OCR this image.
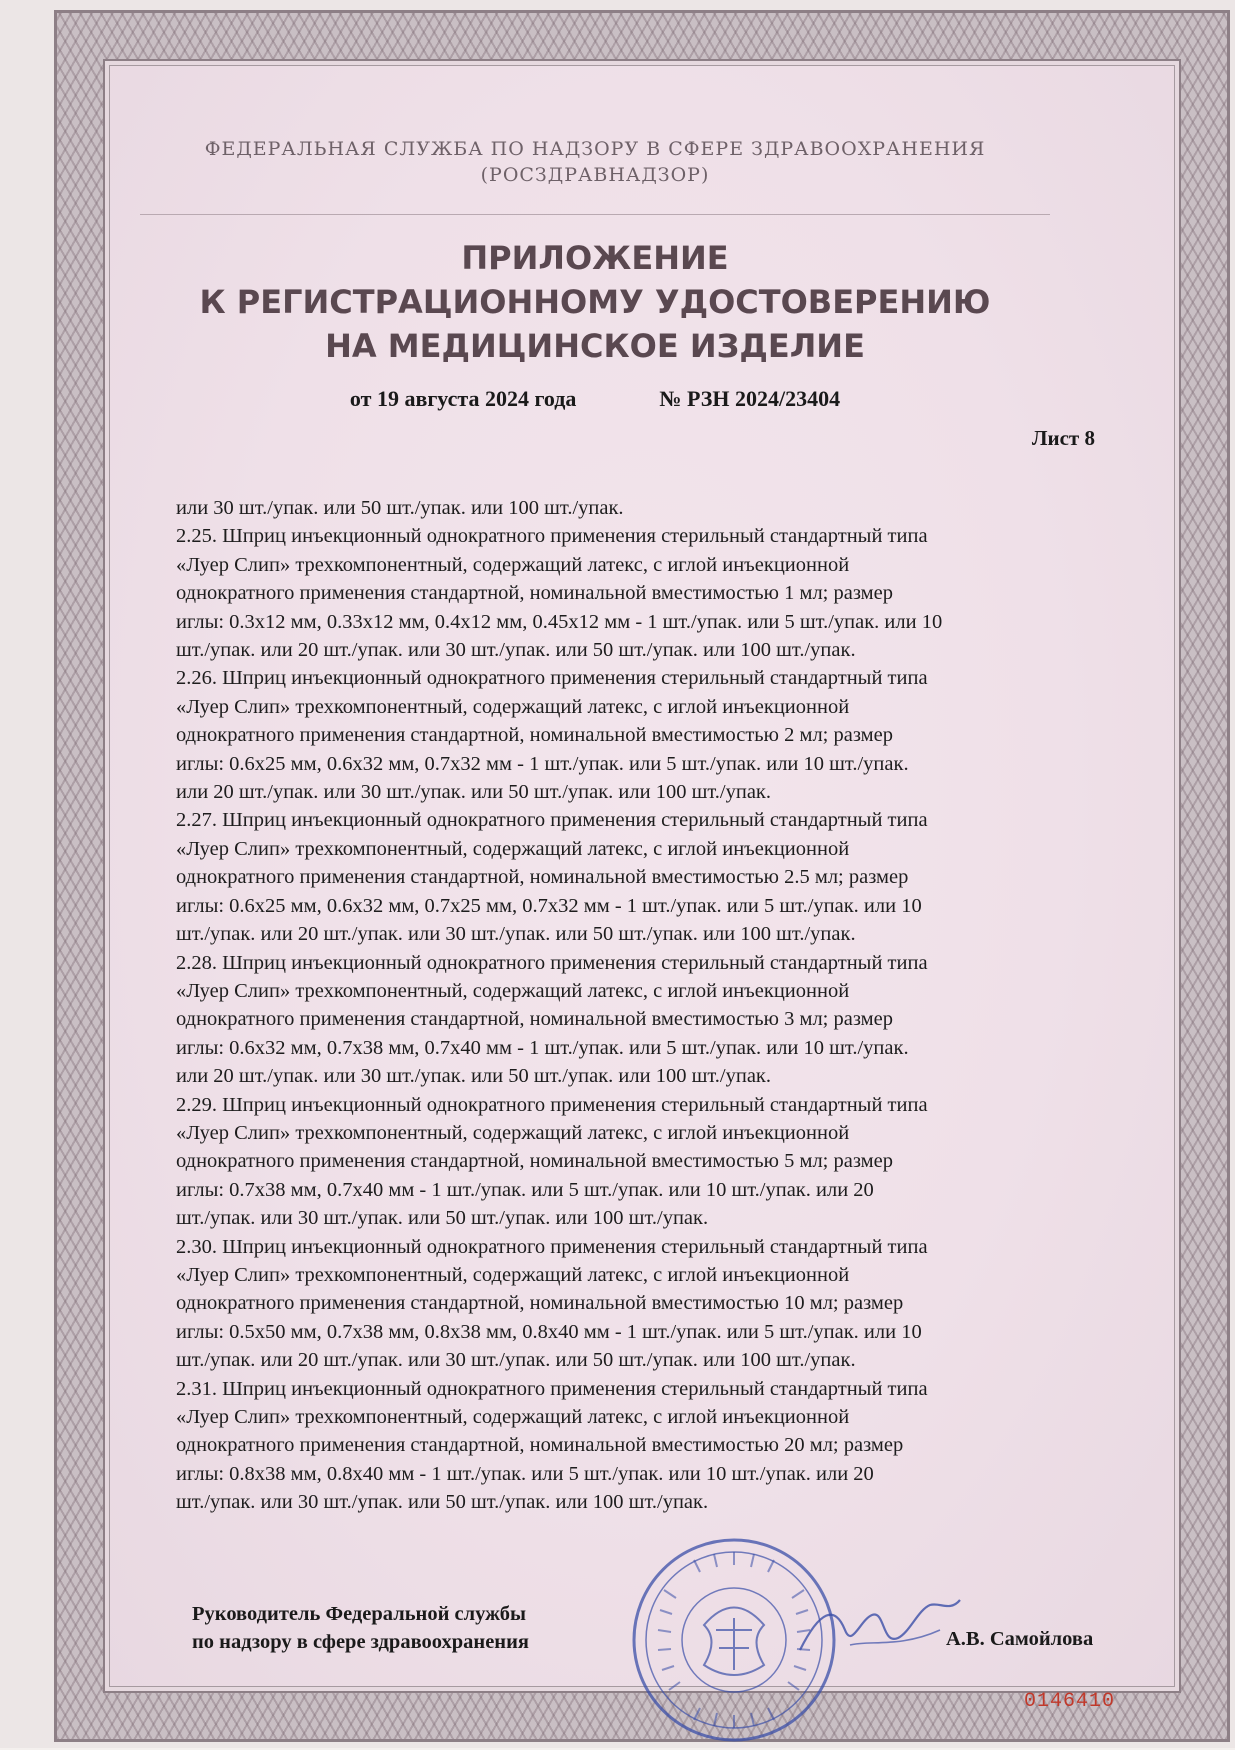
ФЕДЕРАЛЬНАЯ СЛУЖБА ПО НАДЗОРУ В СФЕРЕ ЗДРАВООХРАНЕНИЯ
(РОСЗДРАВНАДЗОР)
ПРИЛОЖЕНИЕ
К РЕГИСТРАЦИОННОМУ УДОСТОВЕРЕНИЮ
НА МЕДИЦИНСКОЕ ИЗДЕЛИЕ
от 19 августа 2024 года	№ РЗН 2024/23404
Лист 8

или 30 шт./упак. или 50 шт./упак. или 100 шт./упак.

2.25. Шприц инъекционный однократного применения стерильный стандартный типа

«Луер Слип» трехкомпонентный, содержащий латекс, с иглой инъекционной

однократного применения стандартной, номинальной вместимостью 1 мл; размер

иглы: 0.3x12 мм, 0.33x12 мм, 0.4x12 мм, 0.45x12 мм - 1 шт./упак. или 5 шт./упак. или 10

шт./упак. или 20 шт./упак. или 30 шт./упак. или 50 шт./упак. или 100 шт./упак.

2.26. Шприц инъекционный однократного применения стерильный стандартный типа

«Луер Слип» трехкомпонентный, содержащий латекс, с иглой инъекционной

однократного применения стандартной, номинальной вместимостью 2 мл; размер

иглы: 0.6x25 мм, 0.6x32 мм, 0.7x32 мм - 1 шт./упак. или 5 шт./упак. или 10 шт./упак.

или 20 шт./упак. или 30 шт./упак. или 50 шт./упак. или 100 шт./упак.

2.27. Шприц инъекционный однократного применения стерильный стандартный типа

«Луер Слип» трехкомпонентный, содержащий латекс, с иглой инъекционной

однократного применения стандартной, номинальной вместимостью 2.5 мл; размер

иглы: 0.6x25 мм, 0.6x32 мм, 0.7x25 мм, 0.7x32 мм - 1 шт./упак. или 5 шт./упак. или 10

шт./упак. или 20 шт./упак. или 30 шт./упак. или 50 шт./упак. или 100 шт./упак.

2.28. Шприц инъекционный однократного применения стерильный стандартный типа

«Луер Слип» трехкомпонентный, содержащий латекс, с иглой инъекционной

однократного применения стандартной, номинальной вместимостью 3 мл; размер

иглы: 0.6x32 мм, 0.7x38 мм, 0.7x40 мм - 1 шт./упак. или 5 шт./упак. или 10 шт./упак.

или 20 шт./упак. или 30 шт./упак. или 50 шт./упак. или 100 шт./упак.

2.29. Шприц инъекционный однократного применения стерильный стандартный типа

«Луер Слип» трехкомпонентный, содержащий латекс, с иглой инъекционной

однократного применения стандартной, номинальной вместимостью 5 мл; размер

иглы: 0.7x38 мм, 0.7x40 мм - 1 шт./упак. или 5 шт./упак. или 10 шт./упак. или 20

шт./упак. или 30 шт./упак. или 50 шт./упак. или 100 шт./упак.

2.30. Шприц инъекционный однократного применения стерильный стандартный типа

«Луер Слип» трехкомпонентный, содержащий латекс, с иглой инъекционной

однократного применения стандартной, номинальной вместимостью 10 мл; размер

иглы: 0.5x50 мм, 0.7x38 мм, 0.8x38 мм, 0.8x40 мм - 1 шт./упак. или 5 шт./упак. или 10

шт./упак. или 20 шт./упак. или 30 шт./упак. или 50 шт./упак. или 100 шт./упак.

2.31. Шприц инъекционный однократного применения стерильный стандартный типа

«Луер Слип» трехкомпонентный, содержащий латекс, с иглой инъекционной

однократного применения стандартной, номинальной вместимостью 20 мл; размер

иглы: 0.8x38 мм, 0.8x40 мм - 1 шт./упак. или 5 шт./упак. или 10 шт./упак. или 20

шт./упак. или 30 шт./упак. или 50 шт./упак. или 100 шт./упак.

Руководитель Федеральной службы
по надзору в сфере здравоохранения	А.В. Самойлова
0146410
